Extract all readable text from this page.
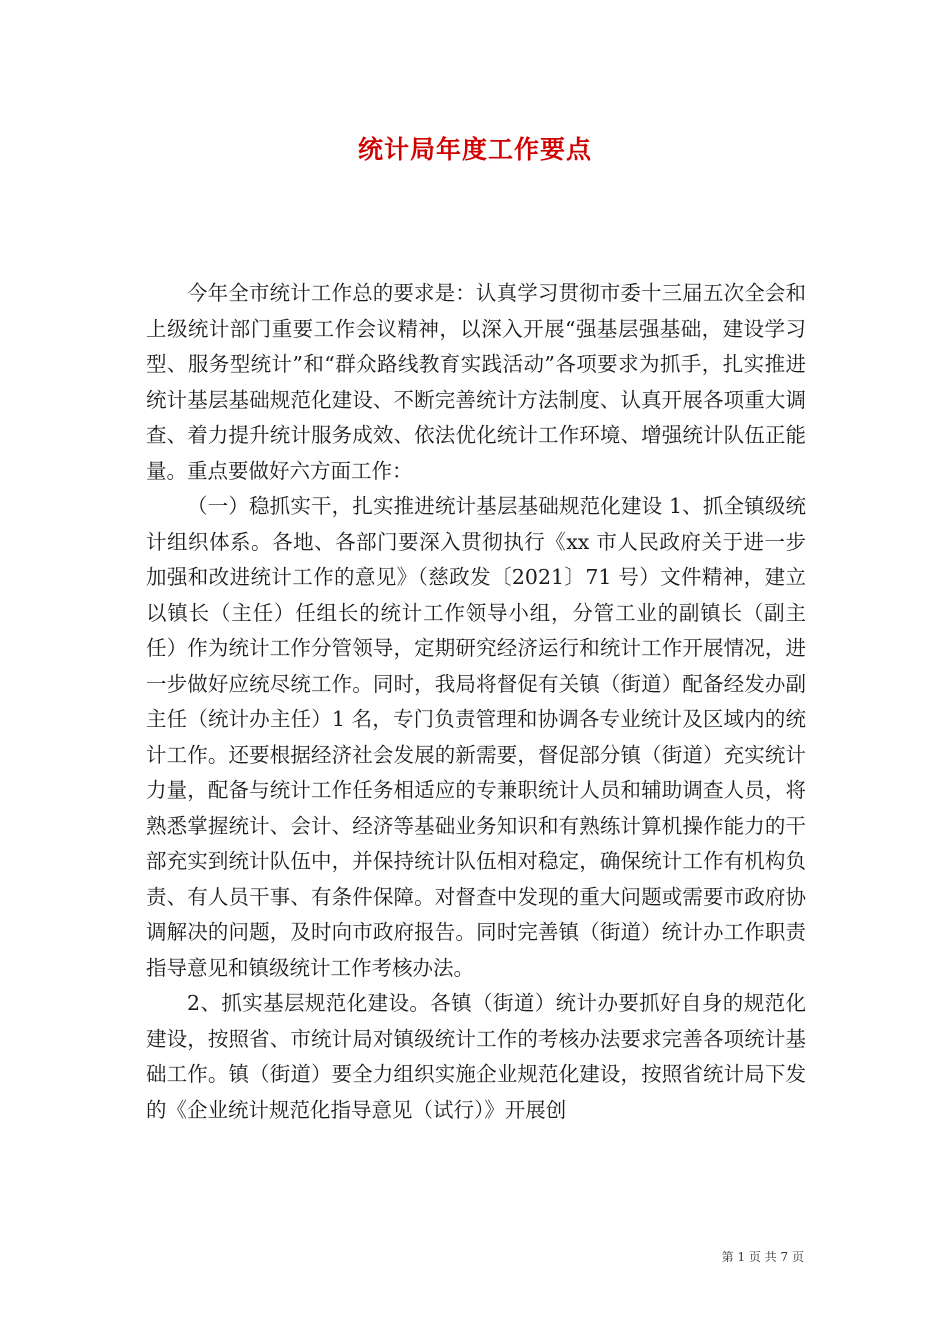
统计局年度工作要点

今年全市统计工作总的要求是：认真学习贯彻市委十三届五次全会和上级统计部门重要工作会议精神，以深入开展“强基层强基础，建设学习型、服务型统计”和“群众路线教育实践活动”各项要求为抓手，扎实推进统计基层基础规范化建设、不断完善统计方法制度、认真开展各项重大调查、着力提升统计服务成效、依法优化统计工作环境、增强统计队伍正能量。重点要做好六方面工作：

（一）稳抓实干，扎实推进统计基层基础规范化建设 1、抓全镇级统计组织体系。各地、各部门要深入贯彻执行《xx 市人民政府关于进一步加强和改进统计工作的意见》（慈政发〔2021〕71 号）文件精神，建立以镇长（主任）任组长的统计工作领导小组，分管工业的副镇长（副主任）作为统计工作分管领导，定期研究经济运行和统计工作开展情况，进一步做好应统尽统工作。同时，我局将督促有关镇（街道）配备经发办副主任（统计办主任）1 名，专门负责管理和协调各专业统计及区域内的统计工作。还要根据经济社会发展的新需要，督促部分镇（街道）充实统计力量，配备与统计工作任务相适应的专兼职统计人员和辅助调查人员，将熟悉掌握统计、会计、经济等基础业务知识和有熟练计算机操作能力的干部充实到统计队伍中，并保持统计队伍相对稳定，确保统计工作有机构负责、有人员干事、有条件保障。对督查中发现的重大问题或需要市政府协调解决的问题，及时向市政府报告。同时完善镇（街道）统计办工作职责指导意见和镇级统计工作考核办法。

2、抓实基层规范化建设。各镇（街道）统计办要抓好自身的规范化建设，按照省、市统计局对镇级统计工作的考核办法要求完善各项统计基础工作。镇（街道）要全力组织实施企业规范化建设，按照省统计局下发的《企业统计规范化指导意见（试行）》开展创

第 1 页 共 7 页
